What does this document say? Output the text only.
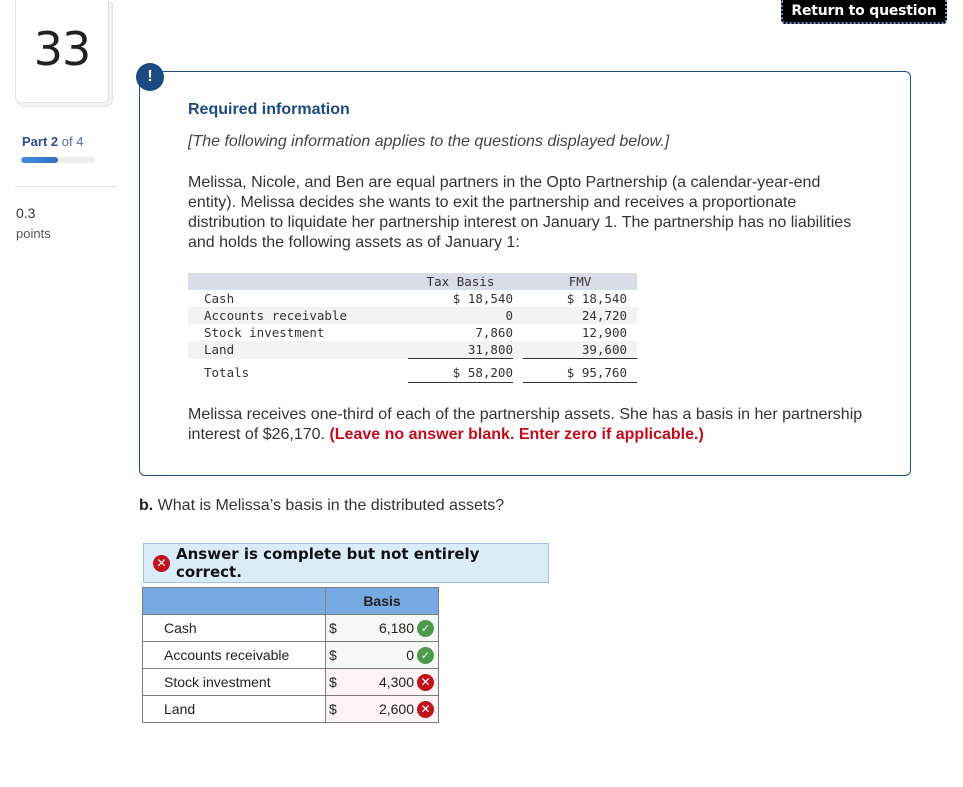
Return to question
33
Part 2 of 4
0.3
points
!
Required information
[The following information applies to the questions displayed below.]
Melissa, Nicole, and Ben are equal partners in the Opto Partnership (a calendar-year-end entity). Melissa decides she wants to exit the partnership and receives a proportionate distribution to liquidate her partnership interest on January 1. The partnership has no liabilities and holds the following assets as of January 1:
	Tax Basis		FMV
Cash	$ 18,540		$ 18,540
Accounts receivable	0		24,720
Stock investment	7,860		12,900
Land	31,800		39,600
Totals	$ 58,200		$ 95,760
Melissa receives one-third of each of the partnership assets. She has a basis in her partnership interest of $26,170. (Leave no answer blank. Enter zero if applicable.)
b. What is Melissa’s basis in the distributed assets?
✕ Answer is complete but not entirely correct.
	Basis
Cash	$ 6,180 ✓

Accounts receivable	$ 0 ✓

Stock investment	$ 4,300 ✕

Land	$ 2,600 ✕
